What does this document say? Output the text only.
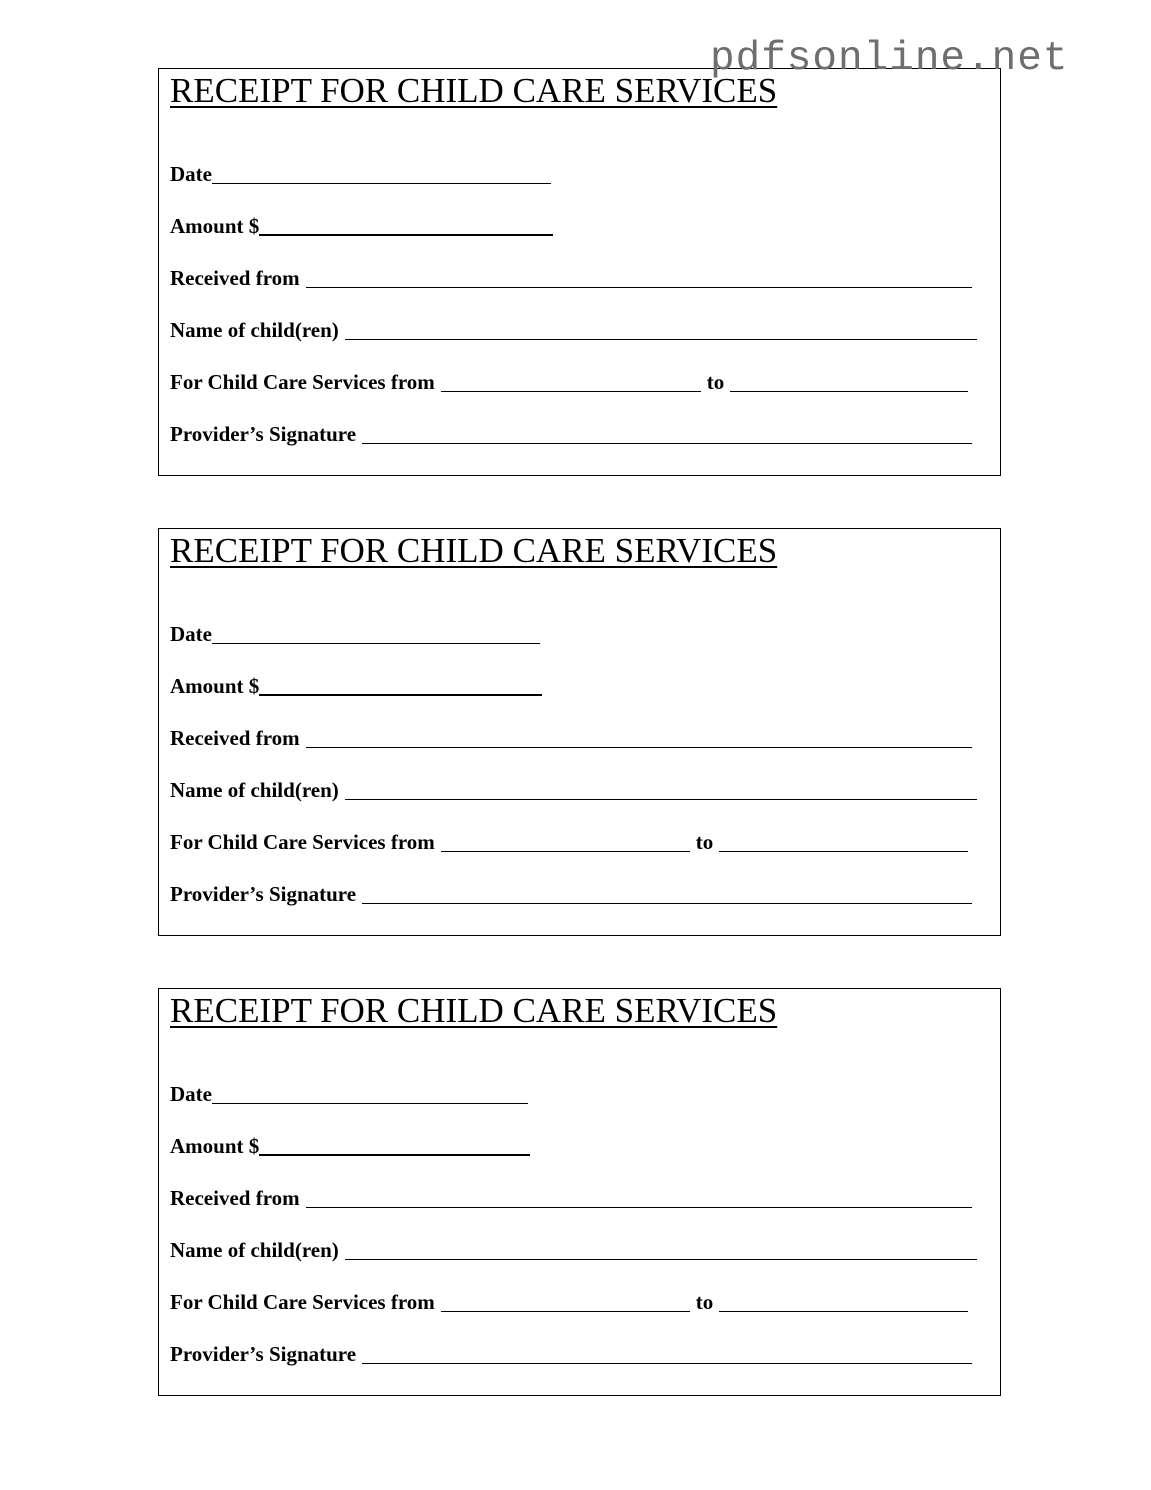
pdfsonline.net
RECEIPT FOR CHILD CARE SERVICES
Date
Amount $
Received from
Name of child(ren)
For Child Care Services from	to
Provider’s Signature
RECEIPT FOR CHILD CARE SERVICES
Date
Amount $
Received from
Name of child(ren)
For Child Care Services from	to
Provider’s Signature
RECEIPT FOR CHILD CARE SERVICES
Date
Amount $
Received from
Name of child(ren)
For Child Care Services from	to
Provider’s Signature
